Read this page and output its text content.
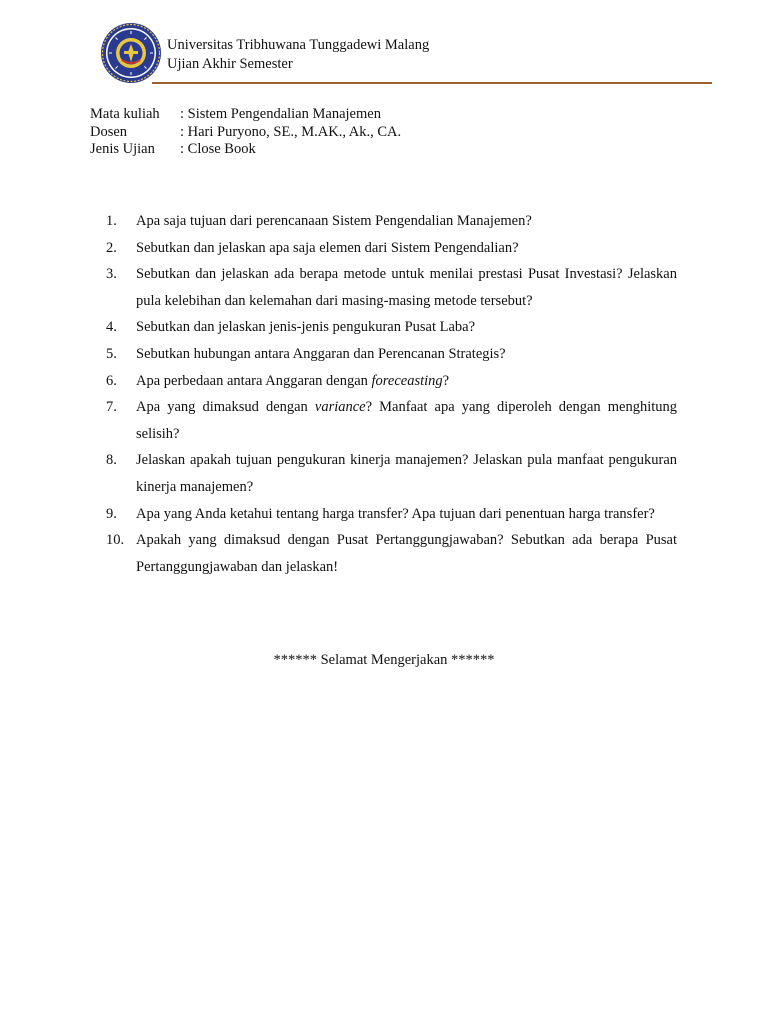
Universitas Tribhuwana Tunggadewi Malang
Ujian Akhir Semester
Mata kuliah	: Sistem Pengendalian Manajemen
Dosen	: Hari Puryono, SE., M.AK., Ak., CA.
Jenis Ujian	: Close Book
1.	Apa saja tujuan dari perencanaan Sistem Pengendalian Manajemen?
2.	Sebutkan dan jelaskan apa saja elemen dari Sistem Pengendalian?
3.	Sebutkan dan jelaskan ada berapa metode untuk menilai prestasi Pusat Investasi? Jelaskan pula kelebihan dan kelemahan dari masing-masing metode tersebut?
4.	Sebutkan dan jelaskan jenis-jenis pengukuran Pusat Laba?
5.	Sebutkan hubungan antara Anggaran dan Perencanan Strategis?
6.	Apa perbedaan antara Anggaran dengan foreceasting?
7.	Apa yang dimaksud dengan variance? Manfaat apa yang diperoleh dengan menghitung selisih?
8.	Jelaskan apakah tujuan pengukuran kinerja manajemen? Jelaskan pula manfaat pengukuran kinerja manajemen?
9.	Apa yang Anda ketahui tentang harga transfer? Apa tujuan dari penentuan harga transfer?
10. Apakah yang dimaksud dengan Pusat Pertanggungjawaban? Sebutkan ada berapa Pusat Pertanggungjawaban dan jelaskan!
****** Selamat Mengerjakan ******
